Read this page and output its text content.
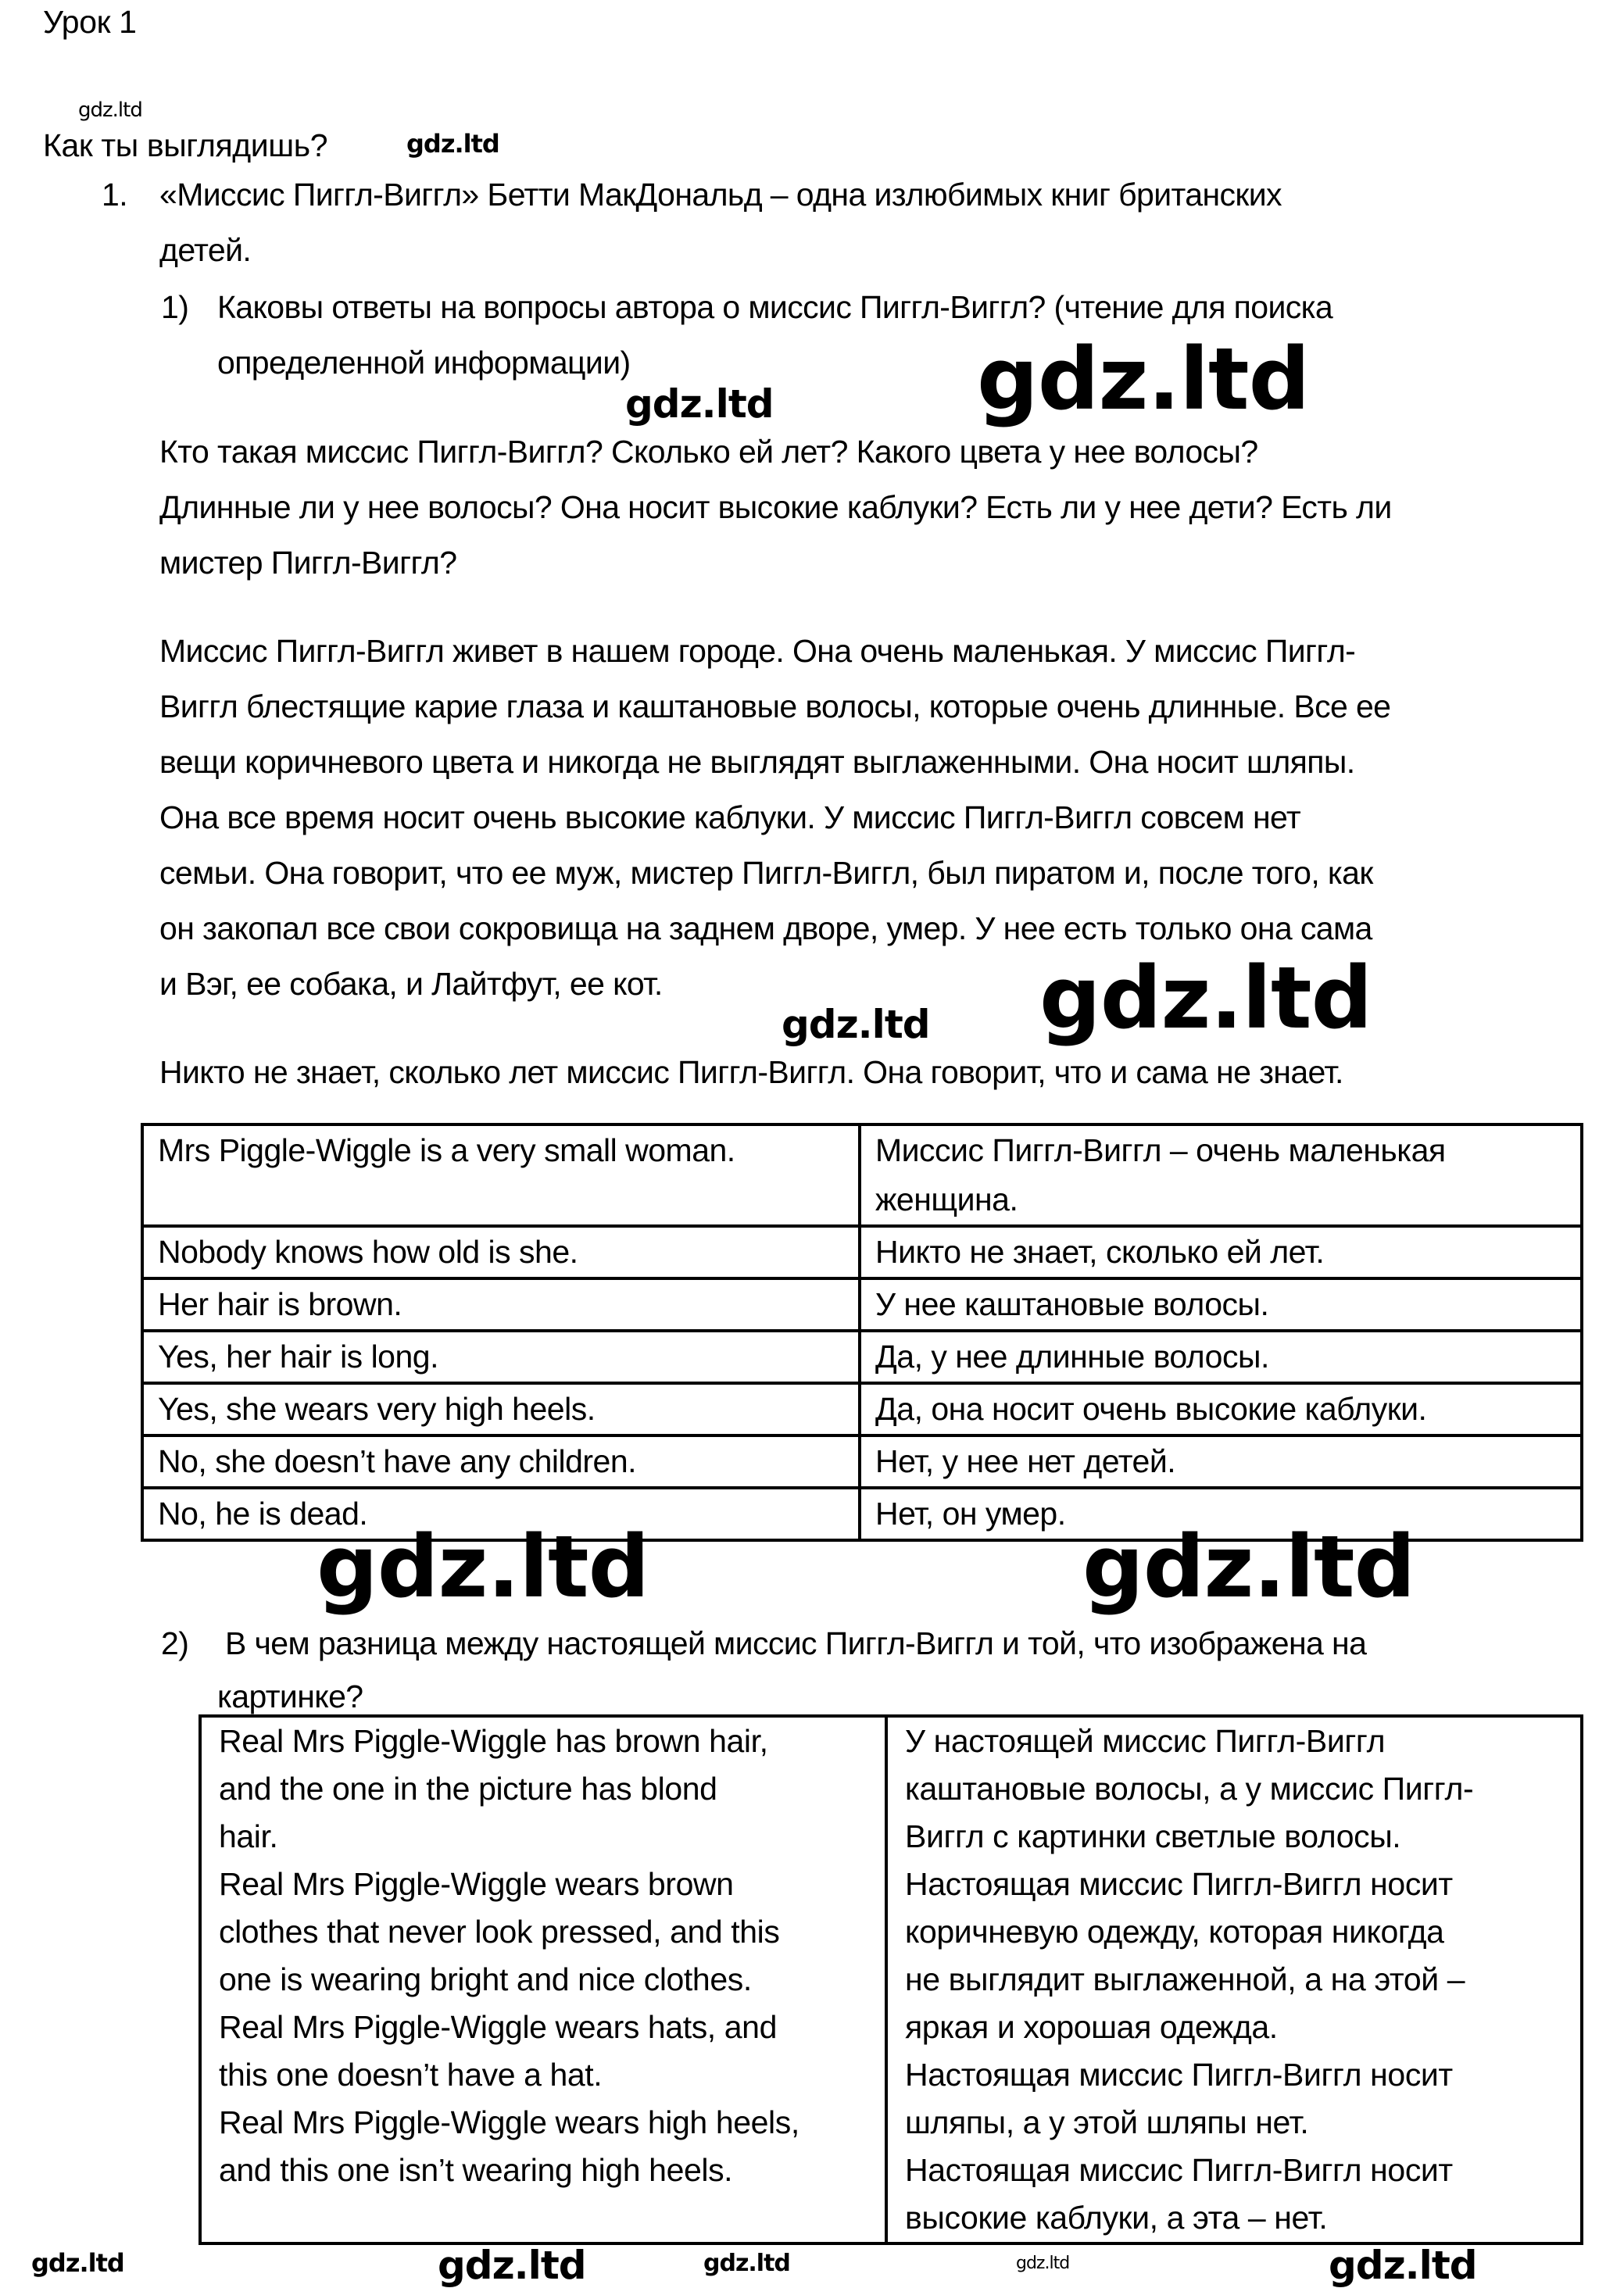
Урок 1
Как ты выглядишь?
1. «Миссис Пиггл-Виггл» Бетти МакДональд – одна излюбимых книг британских
детей.
1) Каковы ответы на вопросы автора о миссис Пиггл-Виггл? (чтение для поиска
определенной информации)
Кто такая миссис Пиггл-Виггл? Сколько ей лет? Какого цвета у нее волосы?
Длинные ли у нее волосы? Она носит высокие каблуки? Есть ли у нее дети? Есть ли
мистер Пиггл-Виггл?
Миссис Пиггл-Виггл живет в нашем городе. Она очень маленькая. У миссис Пиггл-
Виггл блестящие карие глаза и каштановые волосы, которые очень длинные. Все ее
вещи коричневого цвета и никогда не выглядят выглаженными. Она носит шляпы.
Она все время носит очень высокие каблуки. У миссис Пиггл-Виггл совсем нет
семьи. Она говорит, что ее муж, мистер Пиггл-Виггл, был пиратом и, после того, как
он закопал все свои сокровища на заднем дворе, умер. У нее есть только она сама
и Вэг, ее собака, и Лайтфут, ее кот.
Никто не знает, сколько лет миссис Пиггл-Виггл. Она говорит, что и сама не знает.
Mrs Piggle-Wiggle is a very small woman.	Миссис Пиггл-Виггл – очень маленькая
женщина.

Nobody knows how old is she.	Никто не знает, сколько ей лет.
Her hair is brown.	У нее каштановые волосы.
Yes, her hair is long.	Да, у нее длинные волосы.
Yes, she wears very high heels.	Да, она носит очень высокие каблуки.
No, she doesn’t have any children.	Нет, у нее нет детей.
No, he is dead.	Нет, он умер.
2) В чем разница между настоящей миссис Пиггл-Виггл и той, что изображена на
картинке?
Real Mrs Piggle-Wiggle has brown hair,
and the one in the picture has blond
hair.
Real Mrs Piggle-Wiggle wears brown
clothes that never look pressed, and this
one is wearing bright and nice clothes.
Real Mrs Piggle-Wiggle wears hats, and
this one doesn’t have a hat.
Real Mrs Piggle-Wiggle wears high heels,
and this one isn’t wearing high heels.

У настоящей миссис Пиггл-Виггл
каштановые волосы, а у миссис Пиггл-
Виггл с картинки светлые волосы.
Настоящая миссис Пиггл-Виггл носит
коричневую одежду, которая никогда
не выглядит выглаженной, а на этой –
яркая и хорошая одежда.
Настоящая миссис Пиггл-Виггл носит
шляпы, а у этой шляпы нет.
Настоящая миссис Пиггл-Виггл носит
высокие каблуки, а эта – нет.
gdz.ltd
gdz.ltd
gdz.ltd gdz.ltd
gdz.ltd gdz.ltd
gdz.ltd	gdz.ltd
gdz.ltd	gdz.ltd	gdz.ltd
gdz.ltd
gdz.ltd
